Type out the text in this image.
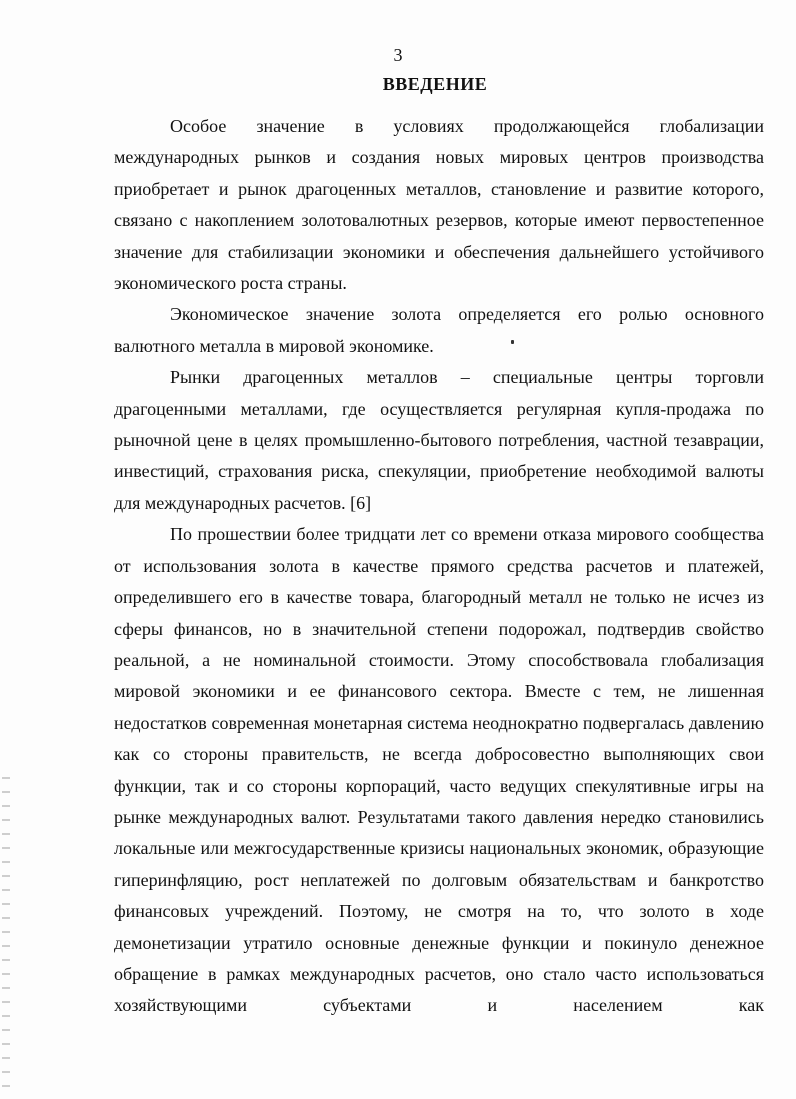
3
ВВЕДЕНИЕ

Особое значение в условиях продолжающейся глобализации международных рынков и создания новых мировых центров производства приобретает и рынок драгоценных металлов, становление и развитие которого, связано с накоплением золотовалютных резервов, которые имеют первостепенное значение для стабилизации экономики и обеспечения дальнейшего устойчивого экономического роста страны.

Экономическое значение золота определяется его ролью основного валютного металла в мировой экономике.

Рынки драгоценных металлов – специальные центры торговли драгоценными металлами, где осуществляется регулярная купля-продажа по рыночной цене в целях промышленно-бытового потребления, частной тезаврации, инвестиций, страхования риска, спекуляции, приобретение необходимой валюты для международных расчетов. [6]

По прошествии более тридцати лет со времени отказа мирового сообщества от использования золота в качестве прямого средства расчетов и платежей, определившего его в качестве товара, благородный металл не только не исчез из сферы финансов, но в значительной степени подорожал, подтвердив свойство реальной, а не номинальной стоимости. Этому способствовала глобализация мировой экономики и ее финансового сектора. Вместе с тем, не лишенная недостатков современная монетарная система неоднократно подвергалась давлению как со стороны правительств, не всегда добросовестно выполняющих свои функции, так и со стороны корпораций, часто ведущих спекулятивные игры на рынке международных валют. Результатами такого давления нередко становились локальные или межгосударственные кризисы национальных экономик, образующие гиперинфляцию, рост неплатежей по долговым обязательствам и банкротство финансовых учреждений. Поэтому, не смотря на то, что золото в ходе демонетизации утратило основные денежные функции и покинуло денежное обращение в рамках международных расчетов, оно стало часто использоваться хозяйствующими субъектами и населением как
